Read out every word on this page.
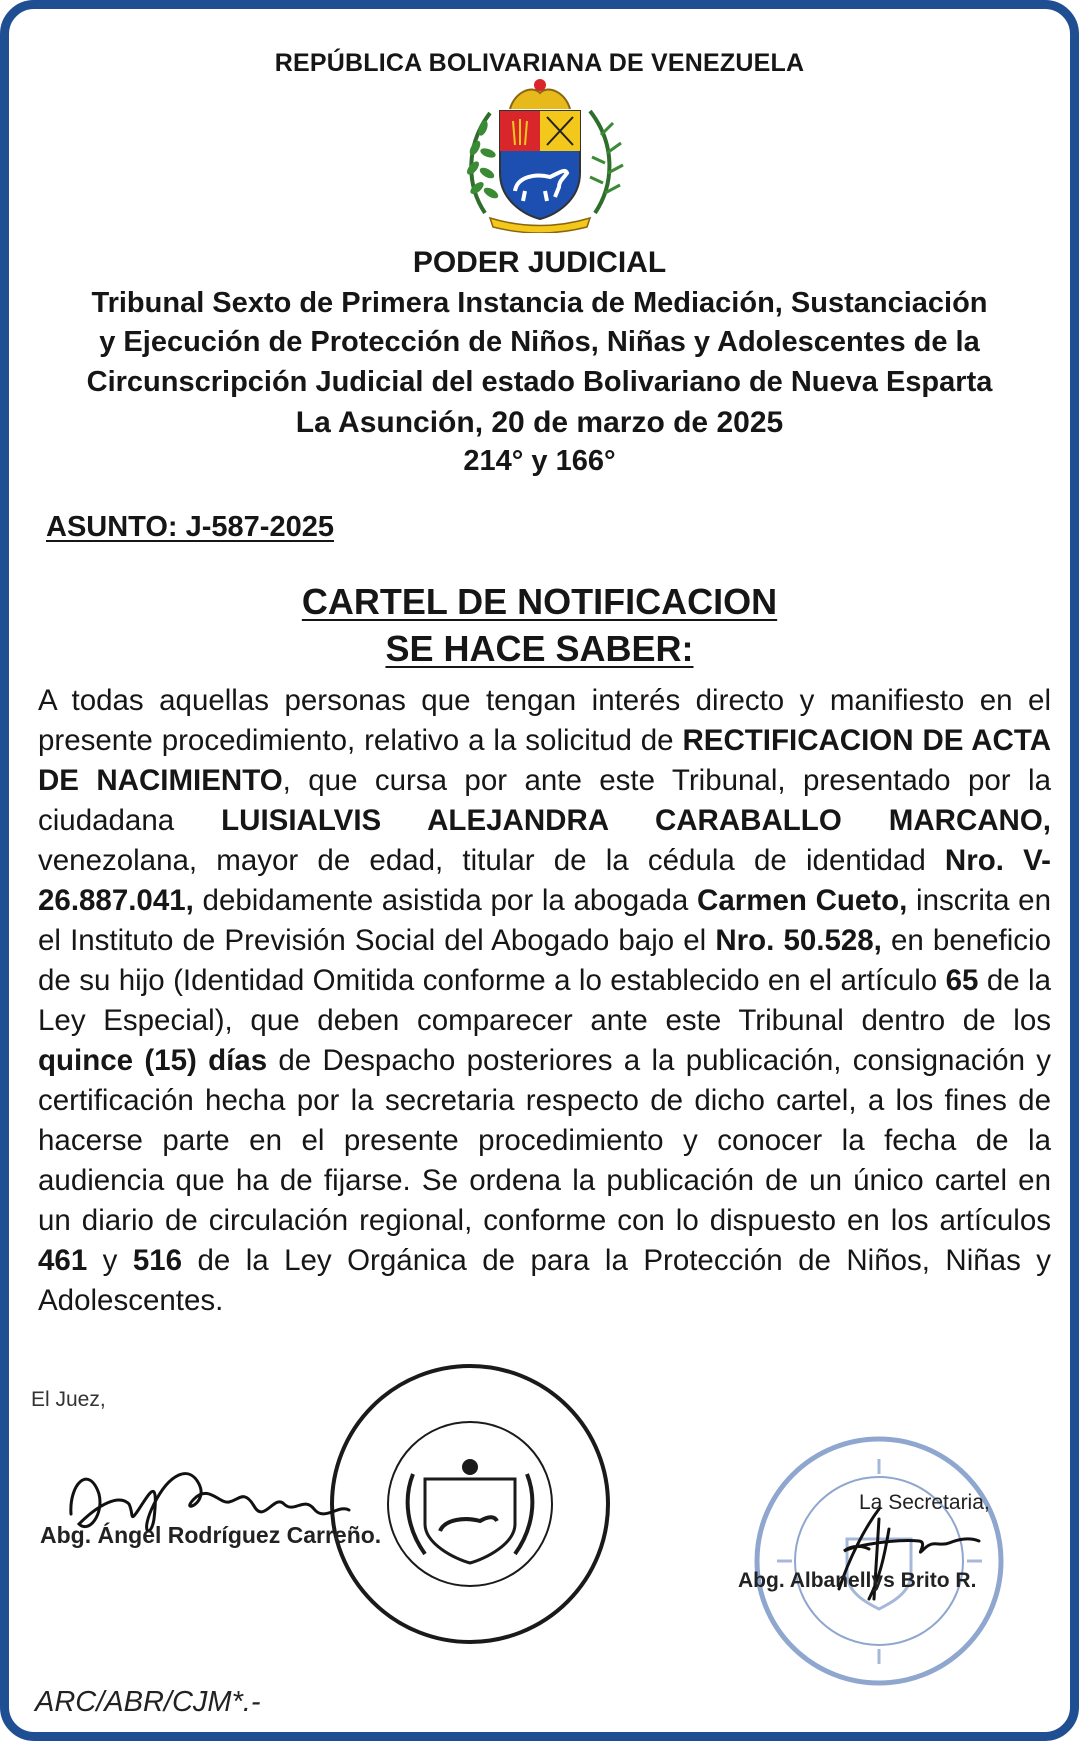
REPÚBLICA BOLIVARIANA DE VENEZUELA
PODER JUDICIAL
Tribunal Sexto de Primera Instancia de Mediación, Sustanciación
y Ejecución de Protección de Niños, Niñas y Adolescentes de la
Circunscripción Judicial del estado Bolivariano de Nueva Esparta
La Asunción, 20 de marzo de 2025
214° y 166°
ASUNTO: J-587-2025
CARTEL DE NOTIFICACION
SE HACE SABER:
A todas aquellas personas que tengan interés directo y manifiesto en el presente procedimiento, relativo a la solicitud de RECTIFICACION DE ACTA DE NACIMIENTO, que cursa por ante este Tribunal, presentado por la ciudadana LUISIALVIS ALEJANDRA CARABALLO MARCANO, venezolana, mayor de edad, titular de la cédula de identidad Nro. V-26.887.041, debidamente asistida por la abogada Carmen Cueto, inscrita en el Instituto de Previsión Social del Abogado bajo el Nro. 50.528, en beneficio de su hijo (Identidad Omitida conforme a lo establecido en el artículo 65 de la Ley Especial), que deben comparecer ante este Tribunal dentro de los quince (15) días de Despacho posteriores a la publicación, consignación y certificación hecha por la secretaria respecto de dicho cartel, a los fines de hacerse parte en el presente procedimiento y conocer la fecha de la audiencia que ha de fijarse. Se ordena la publicación de un único cartel en un diario de circulación regional, conforme con lo dispuesto en los artículos 461 y 516 de la Ley Orgánica de para la Protección de Niños, Niñas y Adolescentes.
El Juez,
Abg. Ángel Rodríguez Carreño.
La Secretaria,
Abg. Albanellys Brito R.
ARC/ABR/CJM*.-
